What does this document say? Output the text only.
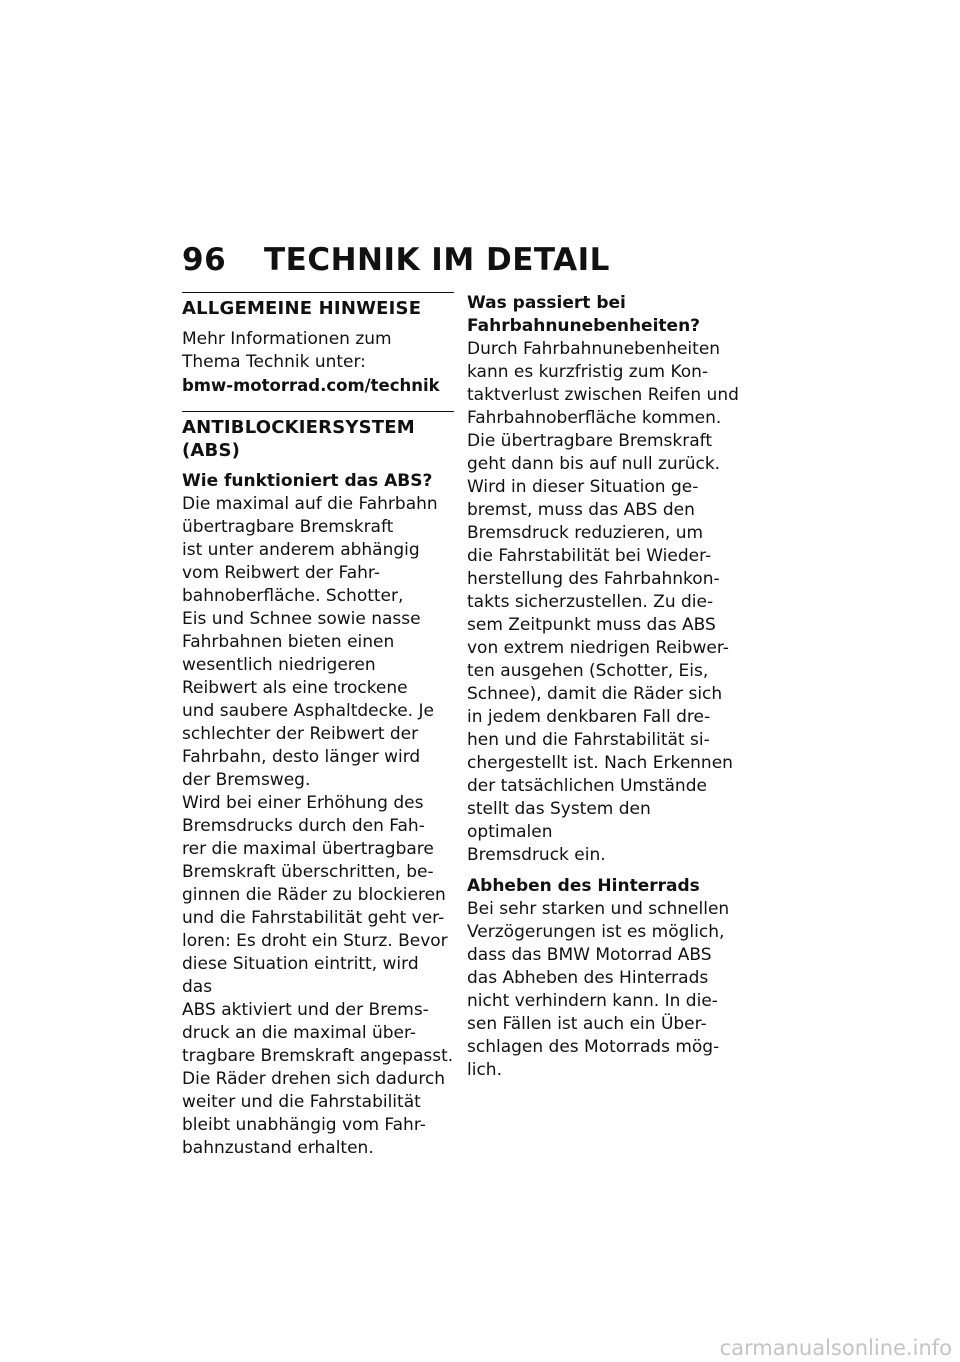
96 TECHNIK IM DETAIL
ALLGEMEINE HINWEISE

Mehr Informationen zum
Thema Technik unter:

bmw-motorrad.com/technik

ANTIBLOCKIERSYSTEM
(ABS)
Wie funktioniert das ABS?

Die maximal auf die Fahrbahn
übertragbare Bremskraft
ist unter anderem abhängig
vom Reibwert der Fahr-
bahnoberfläche. Schotter,
Eis und Schnee sowie nasse
Fahrbahnen bieten einen
wesentlich niedrigeren
Reibwert als eine trockene
und saubere Asphaltdecke. Je
schlechter der Reibwert der
Fahrbahn, desto länger wird
der Bremsweg.

Wird bei einer Erhöhung des
Bremsdrucks durch den Fah-
rer die maximal übertragbare
Bremskraft überschritten, be-
ginnen die Räder zu blockieren
und die Fahrstabilität geht ver-
loren: Es droht ein Sturz. Bevor
diese Situation eintritt, wird das
ABS aktiviert und der Brems-
druck an die maximal über-
tragbare Bremskraft angepasst.
Die Räder drehen sich dadurch
weiter und die Fahrstabilität
bleibt unabhängig vom Fahr-
bahnzustand erhalten.

Was passiert bei
Fahrbahnunebenheiten?

Durch Fahrbahnunebenheiten
kann es kurzfristig zum Kon-
taktverlust zwischen Reifen und
Fahrbahnoberfläche kommen.
Die übertragbare Bremskraft
geht dann bis auf null zurück.
Wird in dieser Situation ge-
bremst, muss das ABS den
Bremsdruck reduzieren, um
die Fahrstabilität bei Wieder-
herstellung des Fahrbahnkon-
takts sicherzustellen. Zu die-
sem Zeitpunkt muss das ABS
von extrem niedrigen Reibwer-
ten ausgehen (Schotter, Eis,
Schnee), damit die Räder sich
in jedem denkbaren Fall dre-
hen und die Fahrstabilität si-
chergestellt ist. Nach Erkennen
der tatsächlichen Umstände
stellt das System den optimalen
Bremsdruck ein.

Abheben des Hinterrads

Bei sehr starken und schnellen
Verzögerungen ist es möglich,
dass das BMW Motorrad ABS
das Abheben des Hinterrads
nicht verhindern kann. In die-
sen Fällen ist auch ein Über-
schlagen des Motorrads mög-
lich.

carmanualsonline.info
